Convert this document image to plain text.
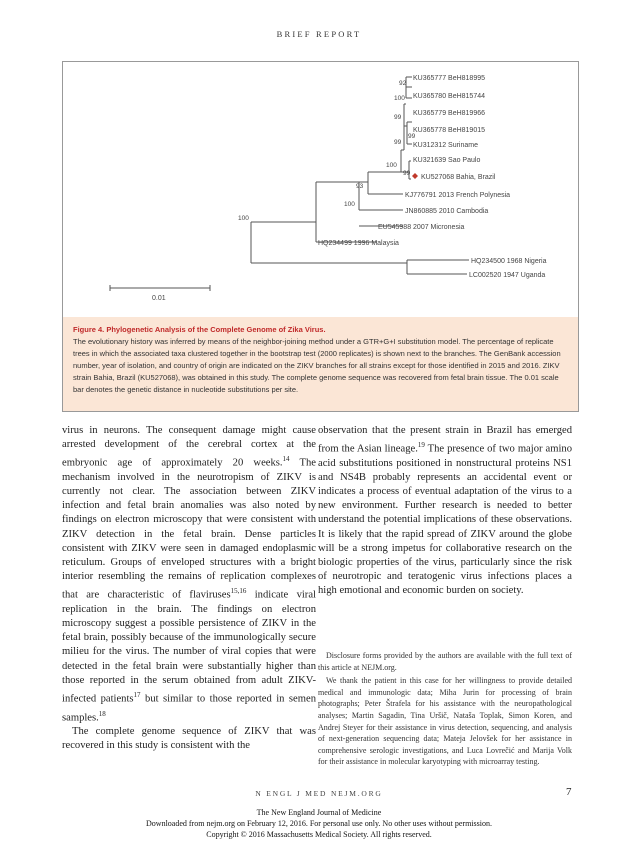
BRIEF REPORT
KU365777 BeH818995
KU365780 BeH815744
KU365779 BeH819966
KU365778 BeH819015
KU312312 Suriname
KU321639 Sao Paulo
KU527068 Bahia, Brazil
KJ776791 2013 French Polynesia
JN860885 2010 Cambodia
EU545988 2007 Micronesia
HQ234499 1996 Malaysia
HQ234500 1968 Nigeria
LC002520 1947 Uganda
0.01
92
100
99
99
99
100
99
93
100
100
Figure 4. Phylogenetic Analysis of the Complete Genome of Zika Virus.
The evolutionary history was inferred by means of the neighbor-joining method under a GTR+G+I substitution model. The percentage of replicate trees in which the associated taxa clustered together in the bootstrap test (2000 replicates) is shown next to the branches. The GenBank accession number, year of isolation, and country of origin are indicated on the ZIKV branches for all strains except for those identified in 2015 and 2016. ZIKV strain Bahia, Brazil (KU527068), was obtained in this study. The complete genome sequence was recovered from fetal brain tissue. The 0.01 scale bar denotes the genetic distance in nucleotide substitutions per site.

virus in neurons. The consequent damage might cause arrested development of the cerebral cortex at the embryonic age of approximately 20 weeks.$^{14}$ The mechanism involved in the neurotropism of ZIKV is currently not clear. The association between ZIKV infection and fetal brain anomalies was also noted by findings on electron microscopy that were consistent with ZIKV detection in the fetal brain. Dense particles consistent with ZIKV were seen in damaged endoplasmic reticulum. Groups of enveloped structures with a bright interior resembling the remains of replication complexes that are characteristic of flaviruses$^{15,16}$ indicate viral replication in the brain. The findings on electron microscopy suggest a possible persistence of ZIKV in the fetal brain, possibly because of the immunologically secure milieu for the virus. The number of viral copies that were detected in the fetal brain were substantially higher than those reported in the serum obtained from adult ZIKV-infected patients$^{17}$ but similar to those reported in semen samples.$^{18}$

The complete genome sequence of ZIKV that was recovered in this study is consistent with the

observation that the present strain in Brazil has emerged from the Asian lineage.$^{19}$ The presence of two major amino acid substitutions positioned in nonstructural proteins NS1 and NS4B probably represents an accidental event or indicates a process of eventual adaptation of the virus to a new environment. Further research is needed to better understand the potential implications of these observations. It is likely that the rapid spread of ZIKV around the globe will be a strong impetus for collaborative research on the biologic properties of the virus, particularly since the risk of neurotropic and teratogenic virus infections places a high emotional and economic burden on society.

Disclosure forms provided by the authors are available with the full text of this article at NEJM.org.

We thank the patient in this case for her willingness to provide detailed medical and immunologic data; Miha Jurin for processing of brain photographs; Peter Štrafela for his assistance with the neuropathological analyses; Martin Sagadin, Tina Uršič, Nataša Toplak, Simon Koren, and Andrej Steyer for their assistance in virus detection, sequencing, and analysis of next-generation sequencing data; Mateja Jelovšek for her assistance in comprehensive serologic investigations, and Luca Lovrečić and Marija Volk for their assistance in molecular karyotyping with microarray testing.

N ENGL J MED NEJM.ORG	7
The New England Journal of Medicine
Downloaded from nejm.org on February 12, 2016. For personal use only. No other uses without permission.
Copyright © 2016 Massachusetts Medical Society. All rights reserved.
